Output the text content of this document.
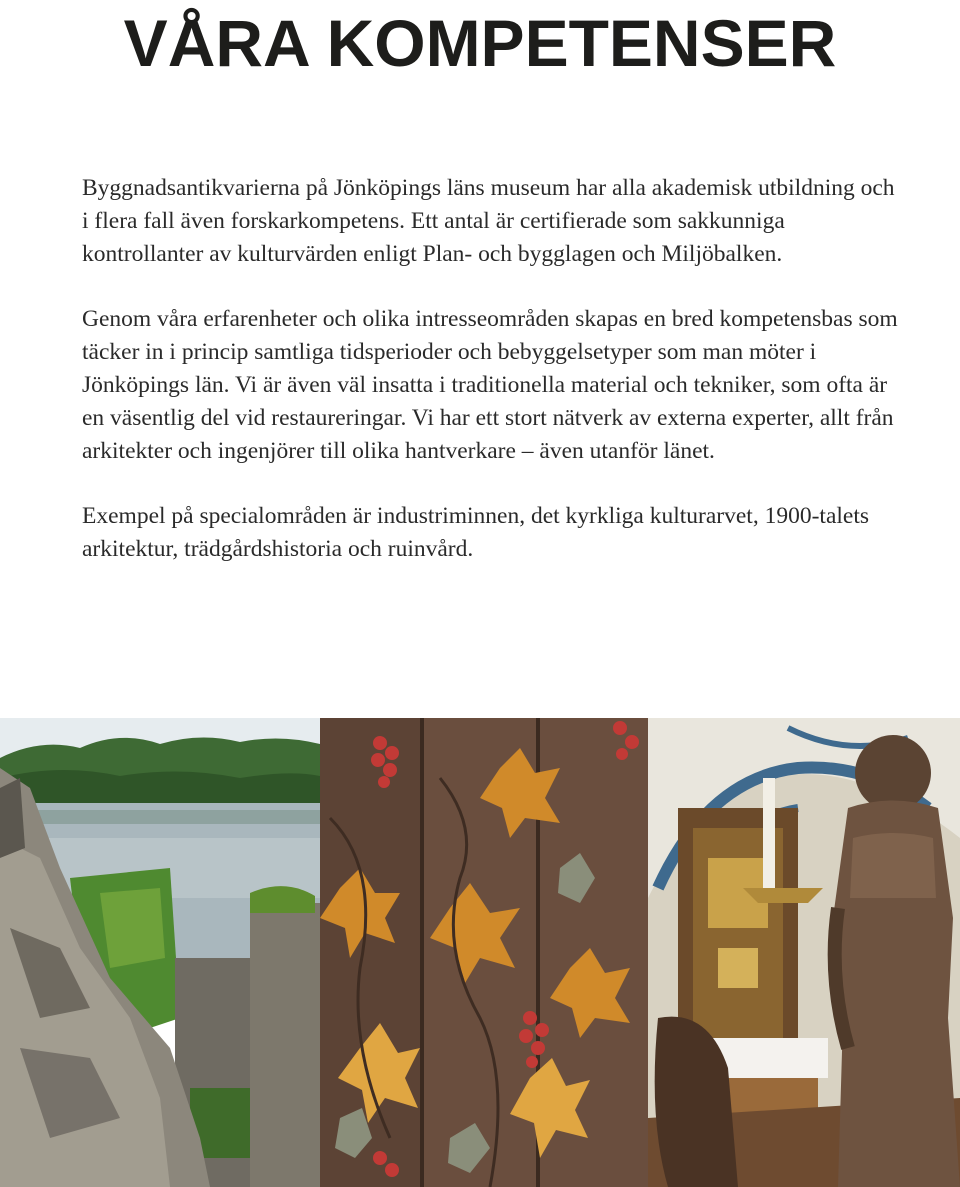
VÅRA KOMPETENSER

Byggnadsantikvarierna på Jönköpings läns museum har alla akademisk utbildning och i flera fall även forskarkompetens. Ett antal är certifierade som sakkunniga kontrollanter av kulturvärden enligt Plan- och bygglagen och Miljöbalken.

Genom våra erfarenheter och olika intresseområden skapas en bred kompetensbas som täcker in i princip samtliga tidsperioder och bebyggelsetyper som man möter i Jönköpings län. Vi är även väl insatta i traditionella material och tekniker, som ofta är en väsentlig del vid restaureringar. Vi har ett stort nätverk av externa experter, allt från arkitekter och ingenjörer till olika hantverkare – även utanför länet.

Exempel på specialområden är industriminnen, det kyrkliga kulturarvet, 1900-talets arkitektur, trädgårdshistoria och ruinvård.
